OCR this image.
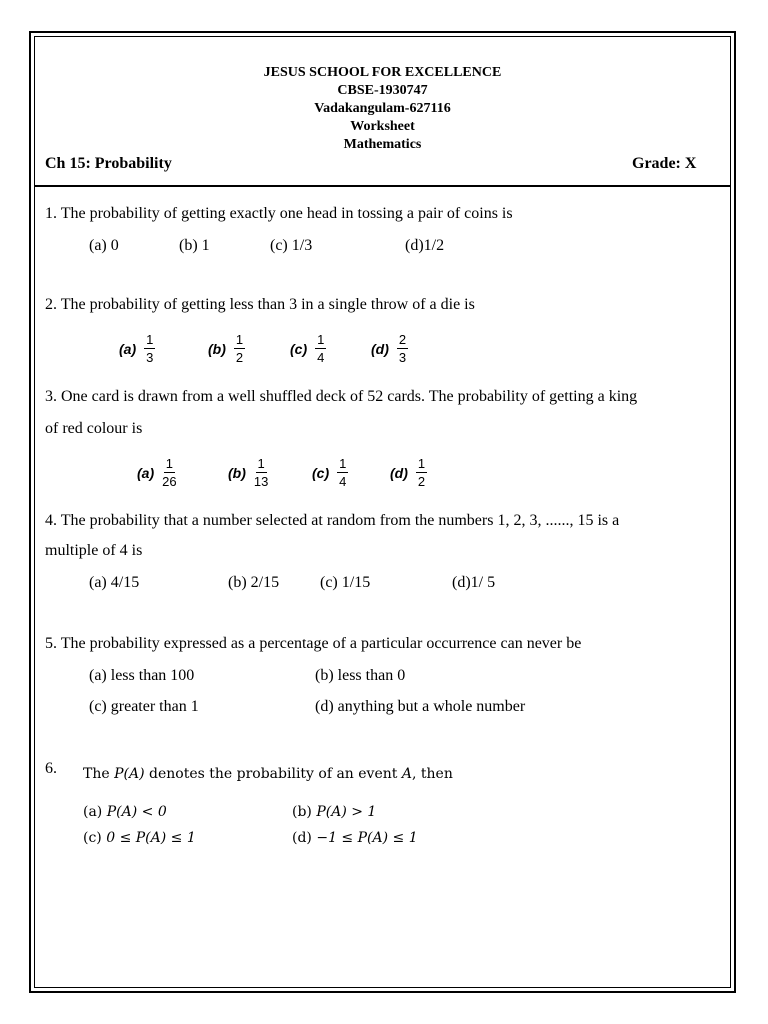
JESUS SCHOOL FOR EXCELLENCE
CBSE-1930747
Vadakangulam-627116
Worksheet
Mathematics
Ch 15: Probability	Grade: X
1. The probability of getting exactly one head in tossing a pair of coins is
(a) 0	(b) 1	(c) 1/3	(d)1/2
2. The probability of getting less than 3 in a single throw of a die is
$(a) \frac{1}{3}$	$(b) \frac{1}{2}$	$(c) \frac{1}{4}$	$(d) \frac{2}{3}$
3. One card is drawn from a well shuffled deck of 52 cards. The probability of getting a king
of red colour is
$(a) \frac{1}{26}$	$(b) \frac{1}{13}$	$(c) \frac{1}{4}$	$(d) \frac{1}{2}$
4. The probability that a number selected at random from the numbers 1, 2, 3, ......, 15 is a
multiple of 4 is
(a) 4/15	(b) 2/15	(c) 1/15	(d)1/ 5
5. The probability expressed as a percentage of a particular occurrence can never be
(a) less than 100	(b) less than 0
(c) greater than 1	(d) anything but a whole number
6. The P(A) denotes the probability of an event A, then
(a) P(A) < 0	(b) P(A) > 1
(c) 0 ≤ P(A) ≤ 1	(d) −1 ≤ P(A) ≤ 1
